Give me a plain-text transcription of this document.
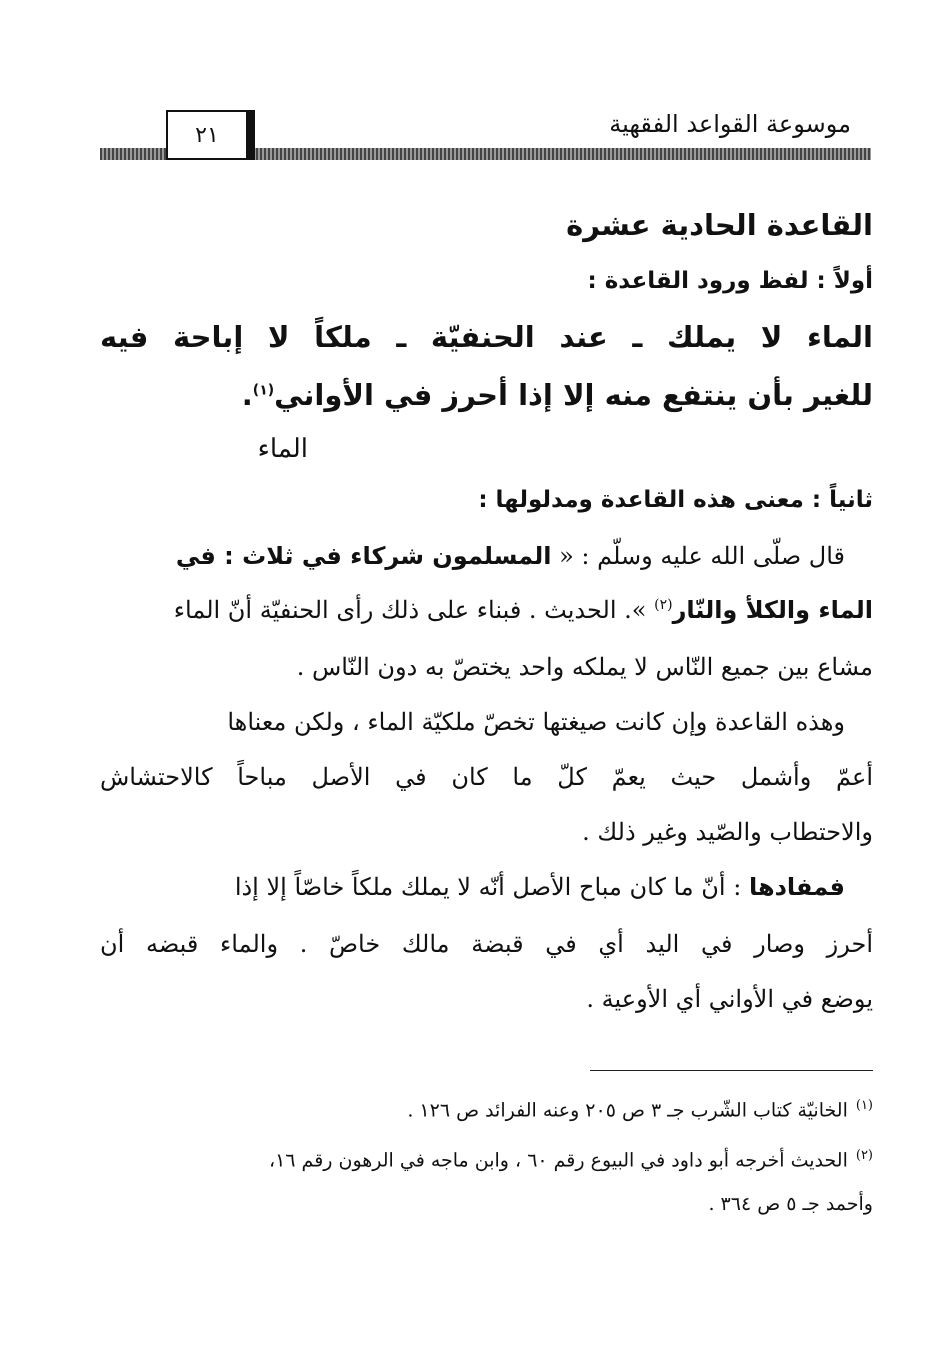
موسوعة القواعد الفقهية
٢١
القاعدة الحادية عشرة
أولاً : لفظ ورود القاعدة :
الماء لا يملك ـ عند الحنفيّة ـ ملكاً لا إباحة فيه
للغير بأن ينتفع منه إلا إذا أحرز في الأواني$^{(١)}$.
الماء
ثانياً : معنى هذه القاعدة ومدلولها :
قال صلّى الله عليه وسلّم : « المسلمون شركاء في ثلاث : في
الماء والكلأ والنّار$^{(٢)}$ ». الحديث . فبناء على ذلك رأى الحنفيّة أنّ الماء
مشاع بين جميع النّاس لا يملكه واحد يختصّ به دون النّاس .
وهذه القاعدة وإن كانت صيغتها تخصّ ملكيّة الماء ، ولكن معناها
أعمّ وأشمل حيث يعمّ كلّ ما كان في الأصل مباحاً كالاحتشاش
والاحتطاب والصّيد وغير ذلك .
فمفادها : أنّ ما كان مباح الأصل أنّه لا يملك ملكاً خاصّاً إلا إذا
أحرز وصار في اليد أي في قبضة مالك خاصّ . والماء قبضه أن
يوضع في الأواني أي الأوعية .
$^{(١)}$الخانيّة كتاب الشّرب جـ ٣ ص ٢٠٥ وعنه الفرائد ص ١٢٦ .
$^{(٢)}$الحديث أخرجه أبو داود في البيوع رقم ٦٠ ، وابن ماجه في الرهون رقم ١٦،
وأحمد جـ ٥ ص ٣٦٤ .
